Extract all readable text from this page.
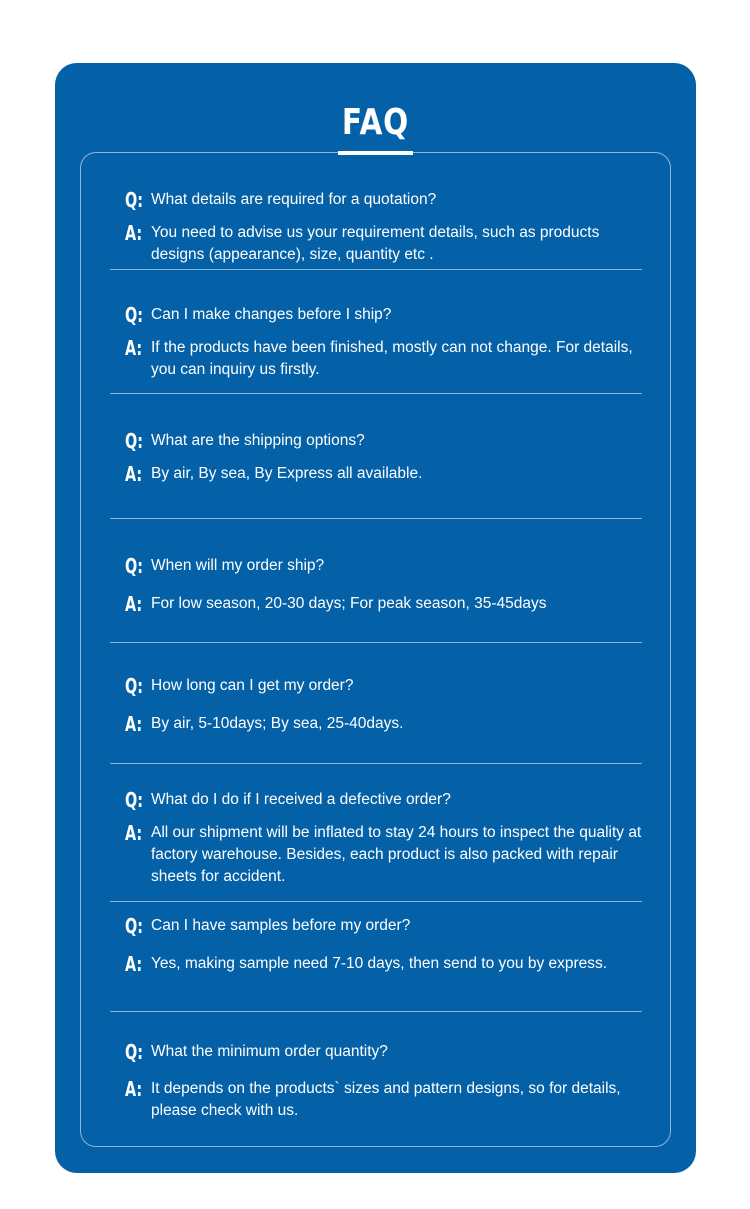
FAQ
Q: What details are required for a quotation?
A: You need to advise us your requirement details, such as products designs (appearance), size, quantity etc .
Q: Can I make changes before I ship?
A: If the products have been finished, mostly can not change. For details, you can inquiry us firstly.
Q: What are the shipping options?
A: By air, By sea, By Express all available.
Q: When will my order ship?
A: For low season, 20-30 days; For peak season, 35-45days
Q: How long can I get my order?
A: By air, 5-10days; By sea, 25-40days.
Q: What do I do if I received a defective order?
A: All our shipment will be inflated to stay 24 hours to inspect the quality at factory warehouse. Besides, each product is also packed with repair sheets for accident.
Q: Can I have samples before my order?
A: Yes, making sample need 7-10 days, then send to you by express.
Q: What the minimum order quantity?
A: It depends on the products` sizes and pattern designs, so for details, please check with us.
